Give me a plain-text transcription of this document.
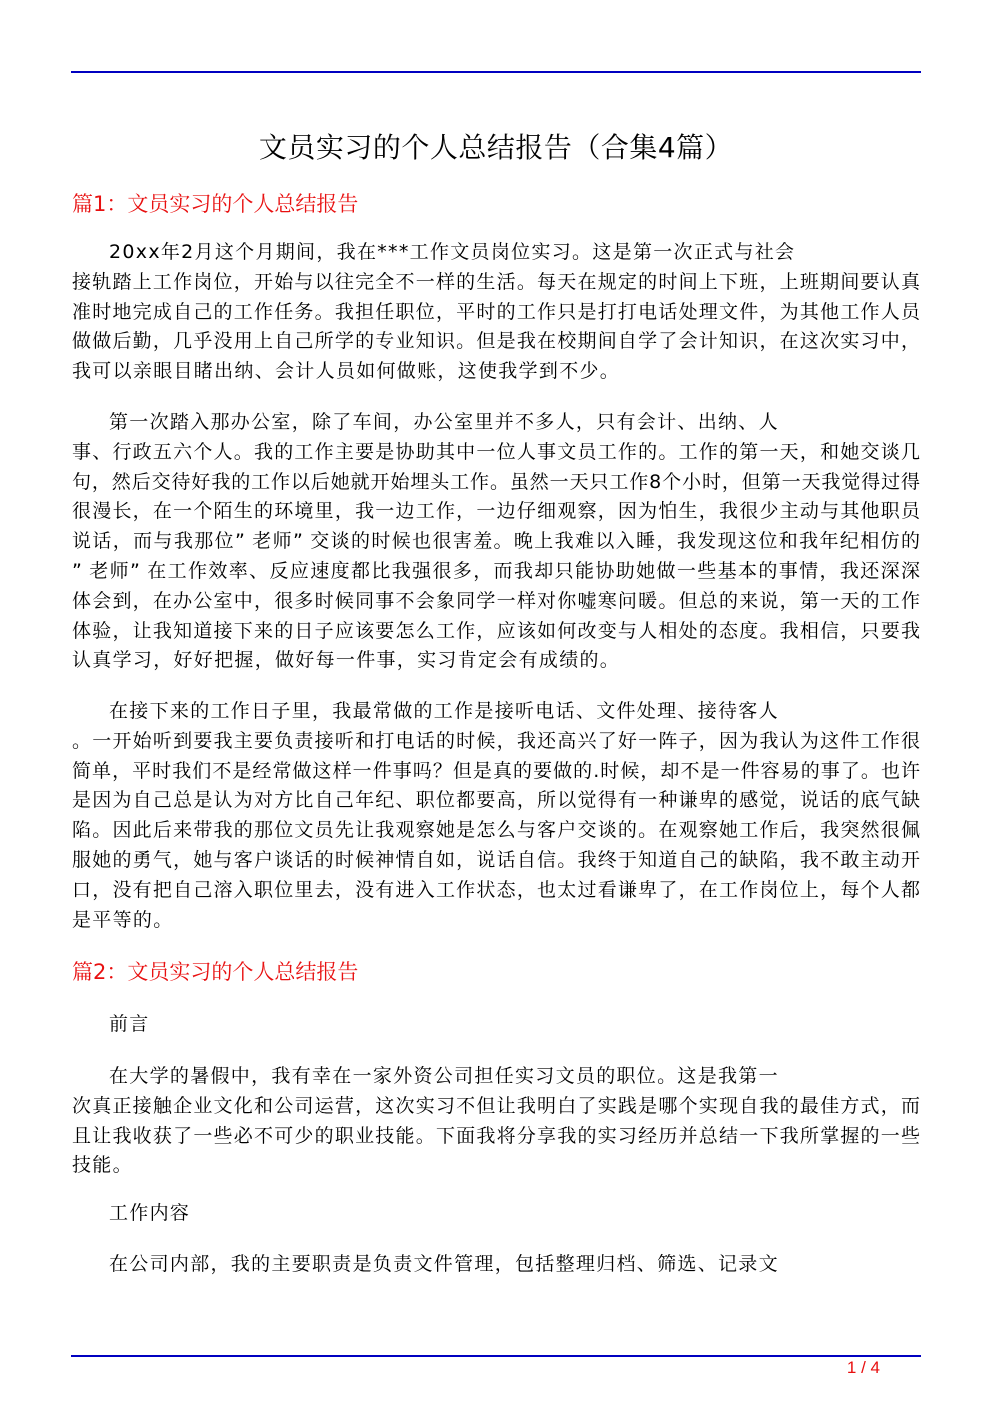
文员实习的个人总结报告（合集4篇）
篇1：文员实习的个人总结报告
20xx年2月这个月期间，我在***工作文员岗位实习。这是第一次正式与社会
接轨踏上工作岗位，开始与以往完全不一样的生活。每天在规定的时间上下班，上班期间要认真
准时地完成自己的工作任务。我担任职位，平时的工作只是打打电话处理文件，为其他工作人员
做做后勤，几乎没用上自己所学的专业知识。但是我在校期间自学了会计知识，在这次实习中，
我可以亲眼目睹出纳、会计人员如何做账，这使我学到不少。
第一次踏入那办公室，除了车间，办公室里并不多人，只有会计、出纳、人
事、行政五六个人。我的工作主要是协助其中一位人事文员工作的。工作的第一天，和她交谈几
句，然后交待好我的工作以后她就开始埋头工作。虽然一天只工作8个小时，但第一天我觉得过得
很漫长，在一个陌生的环境里，我一边工作，一边仔细观察，因为怕生，我很少主动与其他职员
说话，而与我那位” 老师” 交谈的时候也很害羞。晚上我难以入睡，我发现这位和我年纪相仿的
” 老师” 在工作效率、反应速度都比我强很多，而我却只能协助她做一些基本的事情，我还深深
体会到，在办公室中，很多时候同事不会象同学一样对你嘘寒问暖。但总的来说，第一天的工作
体验，让我知道接下来的日子应该要怎么工作，应该如何改变与人相处的态度。我相信，只要我
认真学习，好好把握，做好每一件事，实习肯定会有成绩的。
在接下来的工作日子里，我最常做的工作是接听电话、文件处理、接待客人
。一开始听到要我主要负责接听和打电话的时候，我还高兴了好一阵子，因为我认为这件工作很
简单，平时我们不是经常做这样一件事吗？但是真的要做的.时候，却不是一件容易的事了。也许
是因为自己总是认为对方比自己年纪、职位都要高，所以觉得有一种谦卑的感觉，说话的底气缺
陷。因此后来带我的那位文员先让我观察她是怎么与客户交谈的。在观察她工作后，我突然很佩
服她的勇气，她与客户谈话的时候神情自如，说话自信。我终于知道自己的缺陷，我不敢主动开
口，没有把自己溶入职位里去，没有进入工作状态，也太过看谦卑了，在工作岗位上，每个人都
是平等的。
篇2：文员实习的个人总结报告
前言
在大学的暑假中，我有幸在一家外资公司担任实习文员的职位。这是我第一
次真正接触企业文化和公司运营，这次实习不但让我明白了实践是哪个实现自我的最佳方式，而
且让我收获了一些必不可少的职业技能。下面我将分享我的实习经历并总结一下我所掌握的一些
技能。
工作内容
在公司内部，我的主要职责是负责文件管理，包括整理归档、筛选、记录文
1 / 4
